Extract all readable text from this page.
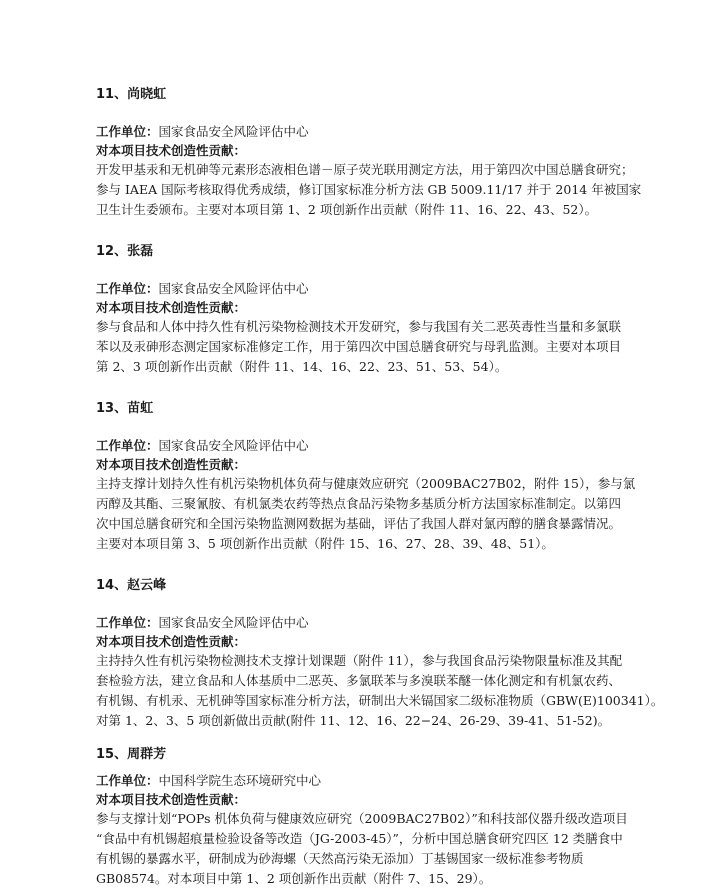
11、尚晓虹

工作单位：国家食品安全风险评估中心

对本项目技术创造性贡献：

开发甲基汞和无机砷等元素形态液相色谱－原子荧光联用测定方法，用于第四次中国总膳食研究；

参与 IAEA 国际考核取得优秀成绩，修订国家标准分析方法 GB 5009.11/17 并于 2014 年被国家

卫生计生委颁布。主要对本项目第 1、2 项创新作出贡献（附件 11、16、22、43、52）。

12、张磊

工作单位：国家食品安全风险评估中心

对本项目技术创造性贡献：

参与食品和人体中持久性有机污染物检测技术开发研究，参与我国有关二恶英毒性当量和多氯联

苯以及汞砷形态测定国家标准修定工作，用于第四次中国总膳食研究与母乳监测。主要对本项目

第 2、3 项创新作出贡献（附件 11、14、16、22、23、51、53、54）。

13、苗虹

工作单位：国家食品安全风险评估中心

对本项目技术创造性贡献：

主持支撑计划持久性有机污染物机体负荷与健康效应研究（2009BAC27B02，附件 15），参与氯

丙醇及其酯、三聚氰胺、有机氯类农药等热点食品污染物多基质分析方法国家标准制定。以第四

次中国总膳食研究和全国污染物监测网数据为基础，评估了我国人群对氯丙醇的膳食暴露情况。

主要对本项目第 3、5 项创新作出贡献（附件 15、16、27、28、39、48、51）。

14、赵云峰

工作单位：国家食品安全风险评估中心

对本项目技术创造性贡献：

主持持久性有机污染物检测技术支撑计划课题（附件 11），参与我国食品污染物限量标准及其配

套检验方法，建立食品和人体基质中二恶英、多氯联苯与多溴联苯醚一体化测定和有机氯农药、

有机锡、有机汞、无机砷等国家标准分析方法，研制出大米镉国家二级标准物质（GBW(E)100341）。

对第 1、2、3、5 项创新做出贡献(附件 11、12、16、22−24、26-29、39-41、51-52)。

15、周群芳

工作单位：中国科学院生态环境研究中心

对本项目技术创造性贡献：

参与支撑计划“POPs 机体负荷与健康效应研究（2009BAC27B02）”和科技部仪器升级改造项目

“食品中有机锡超痕量检验设备等改造（JG-2003-45）”，分析中国总膳食研究四区 12 类膳食中

有机锡的暴露水平，研制成为砂海螺（天然高污染无添加）丁基锡国家一级标准参考物质

GB08574。对本项目中第 1、2 项创新作出贡献（附件 7、15、29）。
